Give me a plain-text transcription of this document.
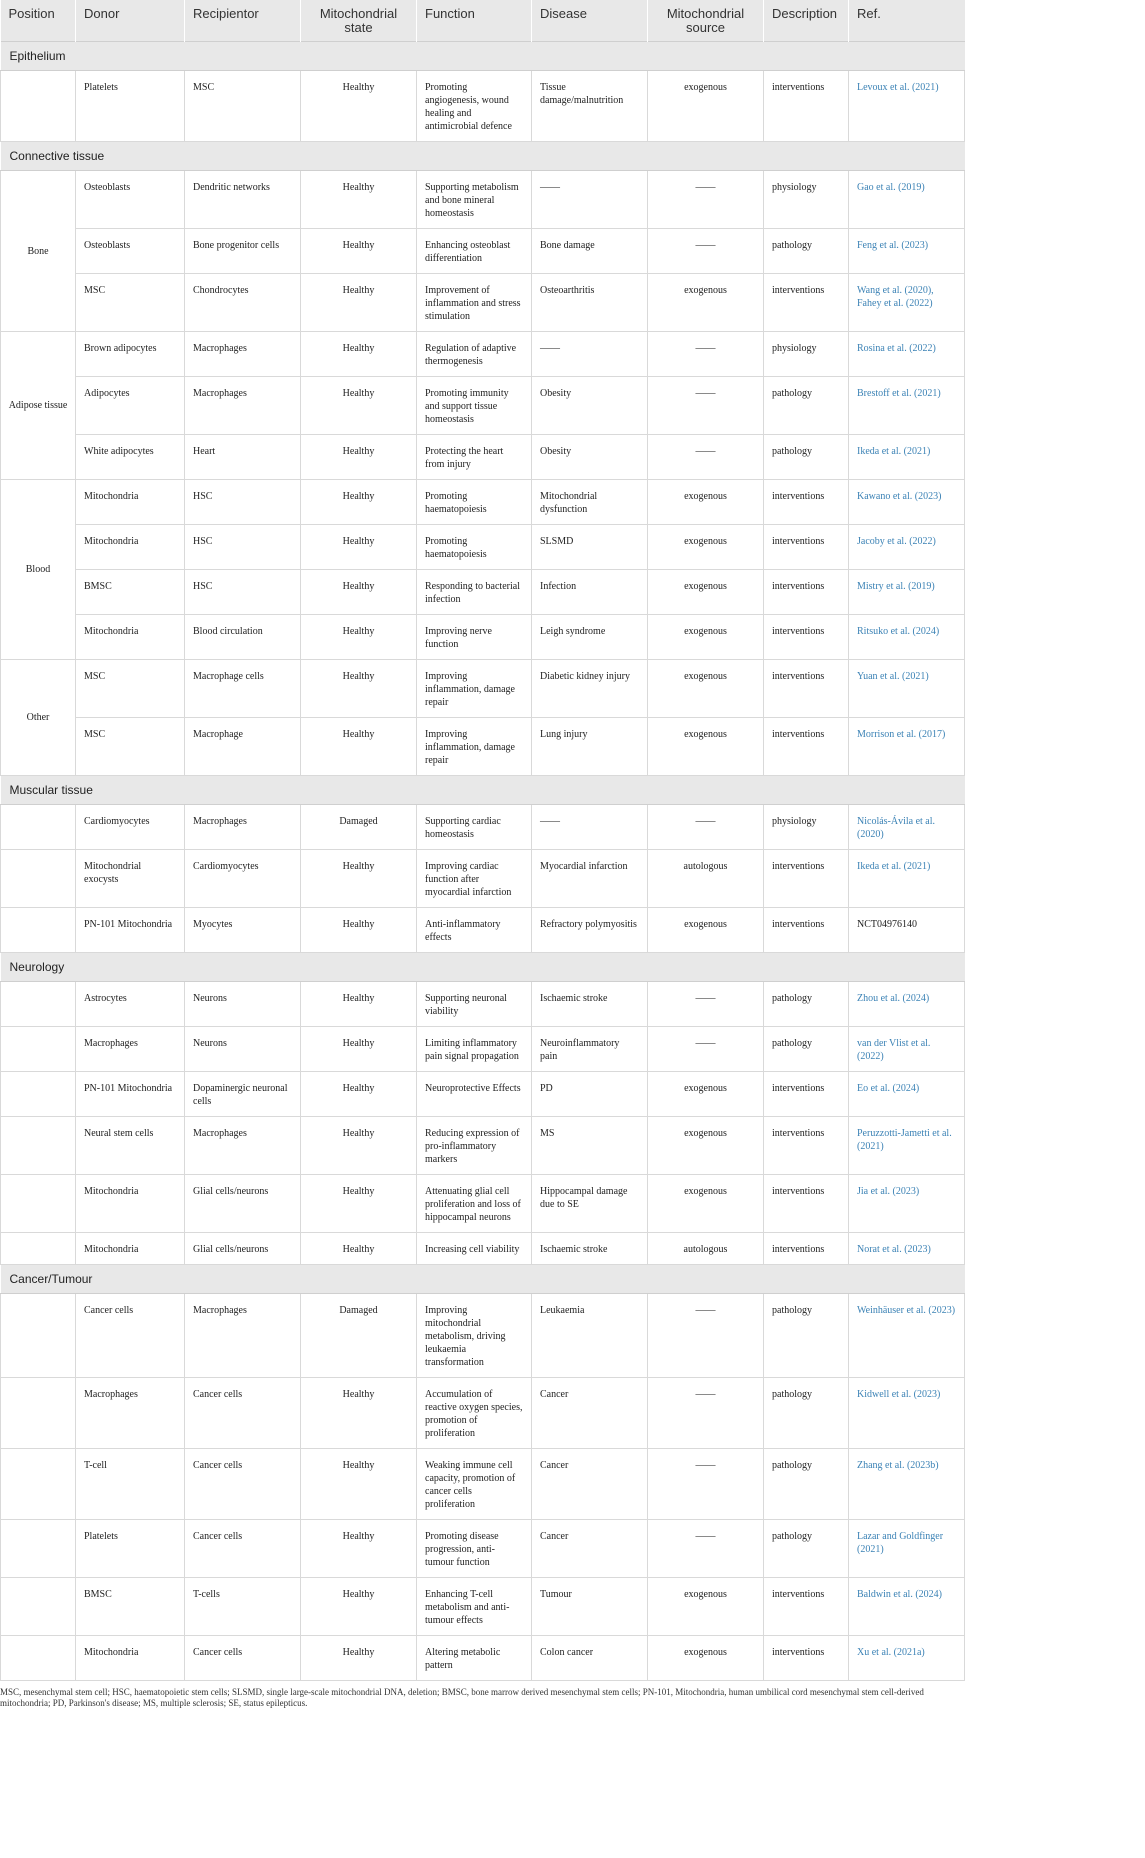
Position	Donor	Recipientor	Mitochondrial state	Function	Disease	Mitochondrial source	Description	Ref.
Epithelium								
	Platelets	MSC	Healthy	Promoting angiogenesis, wound healing and antimicrobial defence	Tissue damage/malnutrition	exogenous	interventions	Levoux et al. (2021)
Connective tissue								
Bone	Osteoblasts	Dendritic networks	Healthy	Supporting metabolism and bone mineral homeostasis	——	——	physiology	Gao et al. (2019)
	Osteoblasts	Bone progenitor cells	Healthy	Enhancing osteoblast differentiation	Bone damage	——	pathology	Feng et al. (2023)
	MSC	Chondrocytes	Healthy	Improvement of inflammation and stress stimulation	Osteoarthritis	exogenous	interventions	Wang et al. (2020), Fahey et al. (2022)
Adipose tissue	Brown adipocytes	Macrophages	Healthy	Regulation of adaptive thermogenesis	——	——	physiology	Rosina et al. (2022)
	Adipocytes	Macrophages	Healthy	Promoting immunity and support tissue homeostasis	Obesity	——	pathology	Brestoff et al. (2021)
	White adipocytes	Heart	Healthy	Protecting the heart from injury	Obesity	——	pathology	Ikeda et al. (2021)
Blood	Mitochondria	HSC	Healthy	Promoting haematopoiesis	Mitochondrial dysfunction	exogenous	interventions	Kawano et al. (2023)
	Mitochondria	HSC	Healthy	Promoting haematopoiesis	SLSMD	exogenous	interventions	Jacoby et al. (2022)
	BMSC	HSC	Healthy	Responding to bacterial infection	Infection	exogenous	interventions	Mistry et al. (2019)
	Mitochondria	Blood circulation	Healthy	Improving nerve function	Leigh syndrome	exogenous	interventions	Ritsuko et al. (2024)
Other	MSC	Macrophage cells	Healthy	Improving inflammation, damage repair	Diabetic kidney injury	exogenous	interventions	Yuan et al. (2021)
	MSC	Macrophage	Healthy	Improving inflammation, damage repair	Lung injury	exogenous	interventions	Morrison et al. (2017)
Muscular tissue								
	Cardiomyocytes	Macrophages	Damaged	Supporting cardiac homeostasis	——	——	physiology	Nicolás-Ávila et al. (2020)
	Mitochondrial exocysts	Cardiomyocytes	Healthy	Improving cardiac function after myocardial infarction	Myocardial infarction	autologous	interventions	Ikeda et al. (2021)
	PN-101 Mitochondria	Myocytes	Healthy	Anti-inflammatory effects	Refractory polymyositis	exogenous	interventions	NCT04976140
Neurology								
	Astrocytes	Neurons	Healthy	Supporting neuronal viability	Ischaemic stroke	——	pathology	Zhou et al. (2024)
	Macrophages	Neurons	Healthy	Limiting inflammatory pain signal propagation	Neuroinflammatory pain	——	pathology	van der Vlist et al. (2022)
	PN-101 Mitochondria	Dopaminergic neuronal cells	Healthy	Neuroprotective Effects	PD	exogenous	interventions	Eo et al. (2024)
	Neural stem cells	Macrophages	Healthy	Reducing expression of pro-inflammatory markers	MS	exogenous	interventions	Peruzzotti-Jametti et al. (2021)
	Mitochondria	Glial cells/neurons	Healthy	Attenuating glial cell proliferation and loss of hippocampal neurons	Hippocampal damage due to SE	exogenous	interventions	Jia et al. (2023)
	Mitochondria	Glial cells/neurons	Healthy	Increasing cell viability	Ischaemic stroke	autologous	interventions	Norat et al. (2023)
Cancer/Tumour								
	Cancer cells	Macrophages	Damaged	Improving mitochondrial metabolism, driving leukaemia transformation	Leukaemia	——	pathology	Weinhäuser et al. (2023)
	Macrophages	Cancer cells	Healthy	Accumulation of reactive oxygen species, promotion of proliferation	Cancer	——	pathology	Kidwell et al. (2023)
	T-cell	Cancer cells	Healthy	Weaking immune cell capacity, promotion of cancer cells proliferation	Cancer	——	pathology	Zhang et al. (2023b)
	Platelets	Cancer cells	Healthy	Promoting disease progression, anti-tumour function	Cancer	——	pathology	Lazar and Goldfinger (2021)
	BMSC	T-cells	Healthy	Enhancing T-cell metabolism and anti-tumour effects	Tumour	exogenous	interventions	Baldwin et al. (2024)
	Mitochondria	Cancer cells	Healthy	Altering metabolic pattern	Colon cancer	exogenous	interventions	Xu et al. (2021a)
MSC, mesenchymal stem cell; HSC, haematopoietic stem cells; SLSMD, single large-scale mitochondrial DNA, deletion; BMSC, bone marrow derived mesenchymal stem cells; PN-101, Mitochondria, human umbilical cord mesenchymal stem cell-derived mitochondria; PD, Parkinson's disease; MS, multiple sclerosis; SE, status epilepticus.
